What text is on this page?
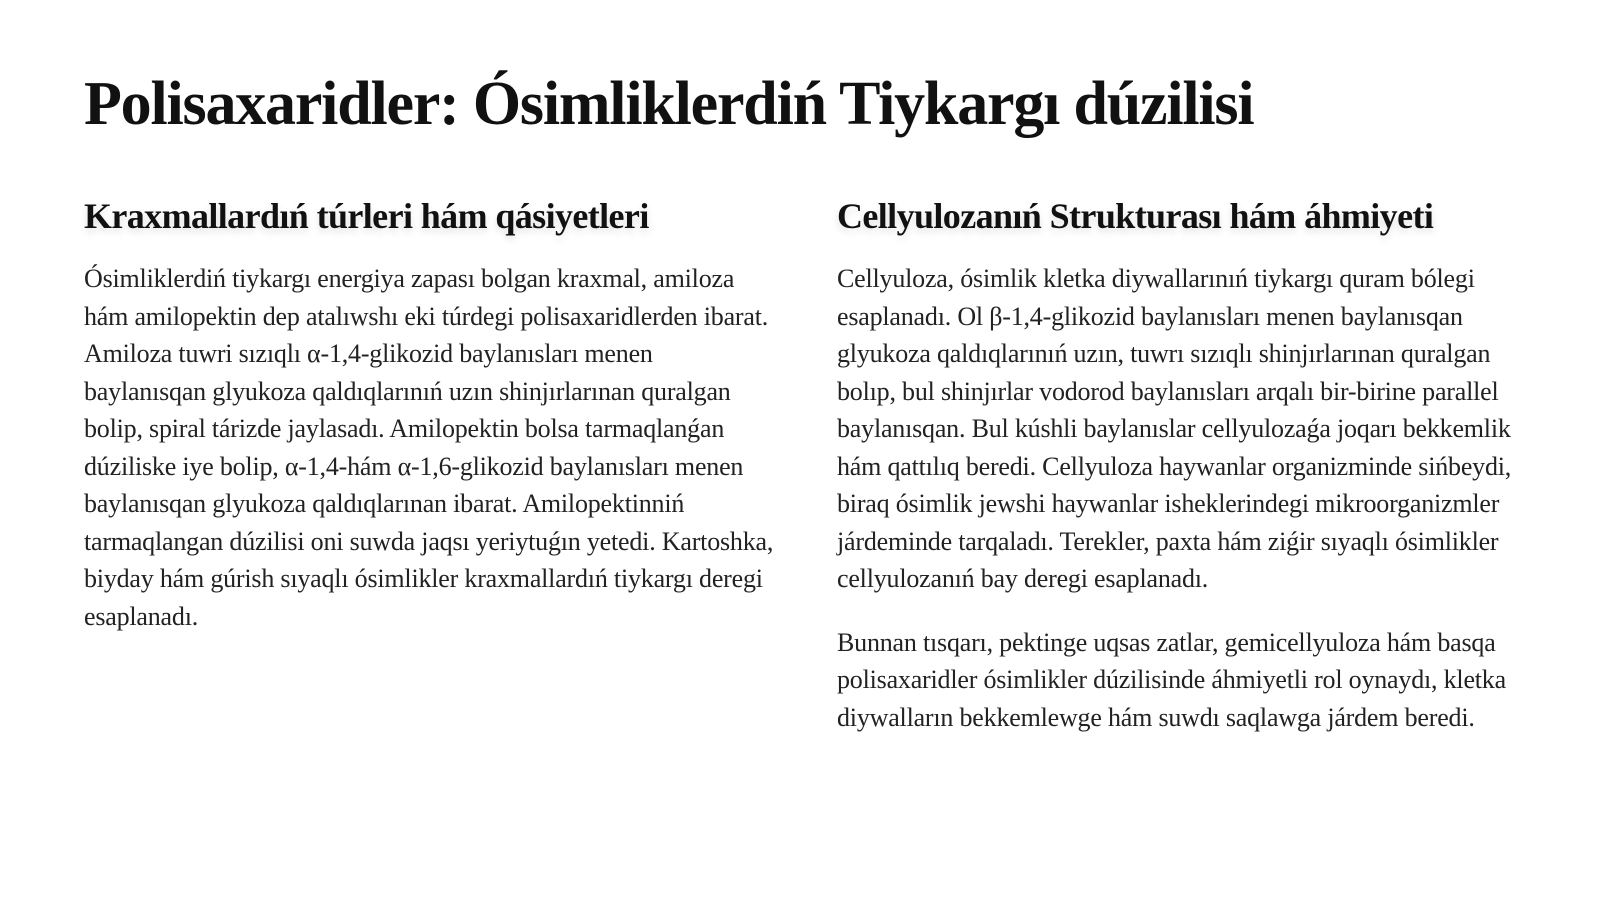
Polisaxaridler: Ósimliklerdiń Tiykargı dúzilisi
Kraxmallardıń túrleri hám qásiyetleri

Ósimliklerdiń tiykargı energiya zapası bolgan kraxmal, amiloza hám amilopektin dep atalıwshı eki túrdegi polisaxaridlerden ibarat. Amiloza tuwri sızıqlı α-1,4-glikozid baylanısları menen baylanısqan glyukoza qaldıqlarınıń uzın shinjırlarınan quralgan bolip, spiral tárizde jaylasadı. Amilopektin bolsa tarmaqlanǵan dúziliske iye bolip, α-1,4-hám α-1,6-glikozid baylanısları menen baylanısqan glyukoza qaldıqlarınan ibarat. Amilopektinniń tarmaqlangan dúzilisi oni suwda jaqsı yeriytuǵın yetedi. Kartoshka, biyday hám gúrish sıyaqlı ósimlikler kraxmallardıń tiykargı deregi esaplanadı.

Cellyulozanıń Strukturası hám áhmiyeti

Cellyuloza, ósimlik kletka diywallarınıń tiykargı quram bólegi esaplanadı. Ol β-1,4-glikozid baylanısları menen baylanısqan glyukoza qaldıqlarınıń uzın, tuwrı sızıqlı shinjırlarınan quralgan bolıp, bul shinjırlar vodorod baylanısları arqalı bir-birine parallel baylanısqan. Bul kúshli baylanıslar cellyulozaǵa joqarı bekkemlik hám qattılıq beredi. Cellyuloza haywanlar organizminde sińbeydi, biraq ósimlik jewshi haywanlar isheklerindegi mikroorganizmler járdeminde tarqaladı. Terekler, paxta hám ziǵir sıyaqlı ósimlikler cellyulozanıń bay deregi esaplanadı.

Bunnan tısqarı, pektinge uqsas zatlar, gemicellyuloza hám basqa polisaxaridler ósimlikler dúzilisinde áhmiyetli rol oynaydı, kletka diywalların bekkemlewge hám suwdı saqlawga járdem beredi.
